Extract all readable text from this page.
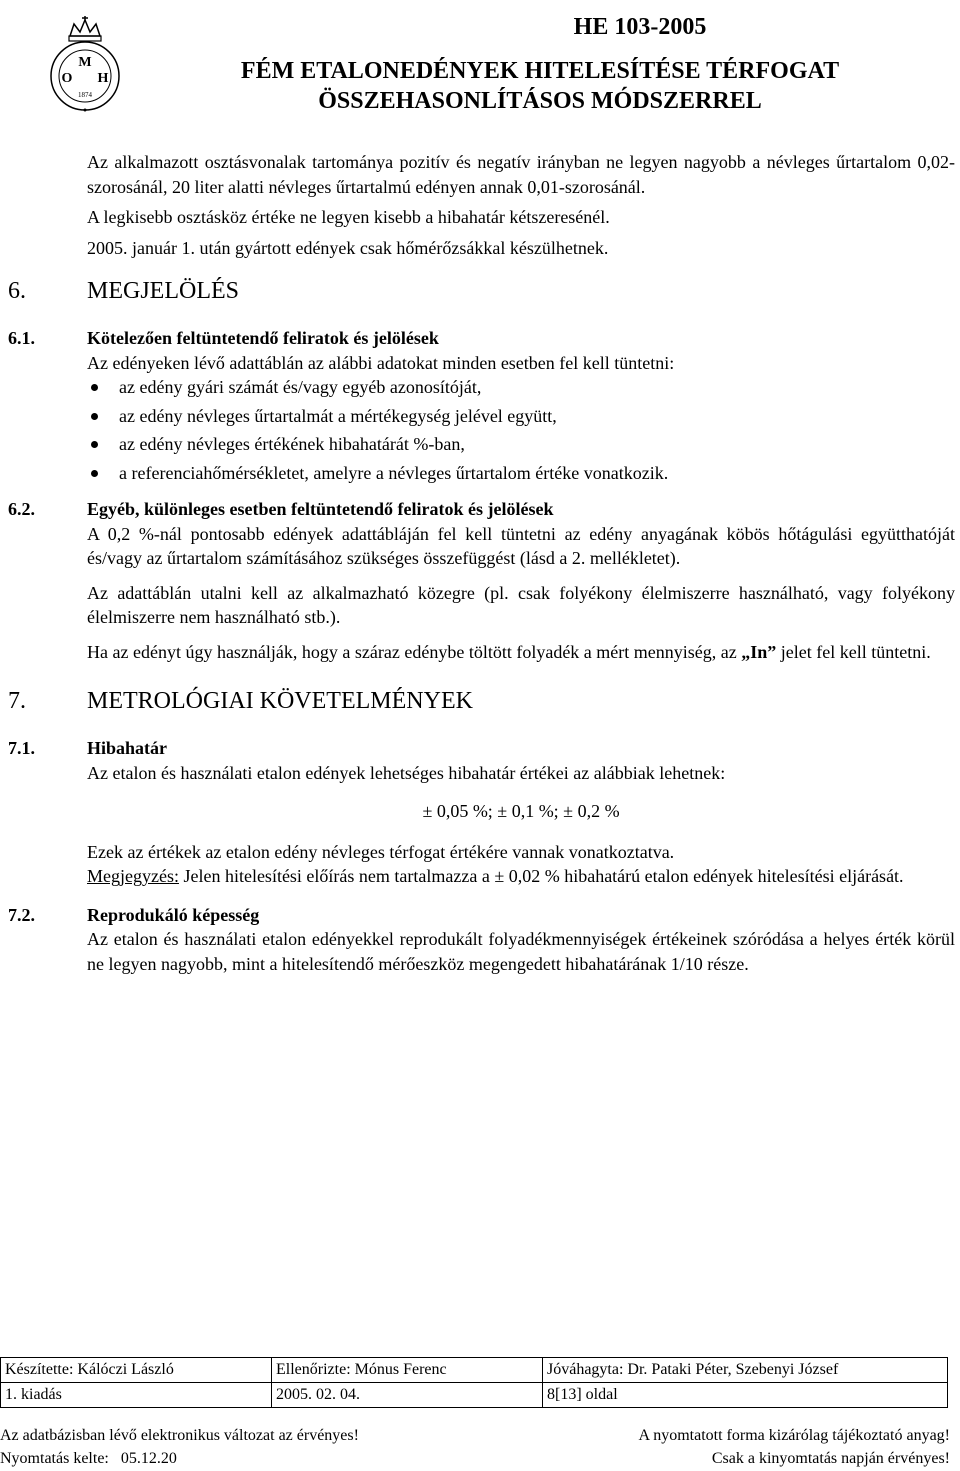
M
O H
1874
HE 103-2005
FÉM ETALONEDÉNYEK HITELESÍTÉSE TÉRFOGAT
ÖSSZEHASONLÍTÁSOS MÓDSZERREL

Az alkalmazott osztásvonalak tartománya pozitív és negatív irányban ne legyen nagyobb a névleges űrtartalom 0,02-szorosánál, 20 liter alatti névleges űrtartalmú edényen annak 0,01-szorosánál.

A legkisebb osztásköz értéke ne legyen kisebb a hibahatár kétszeresénél.

2005. január 1. után gyártott edények csak hőmérőzsákkal készülhetnek.

6.	MEGJELÖLÉS
6.1.	Kötelezően feltüntetendő feliratok és jelölések

Az edényeken lévő adattáblán az alábbi adatokat minden esetben fel kell tüntetni:

az edény gyári számát és/vagy egyéb azonosítóját,
az edény névleges űrtartalmát a mértékegység jelével együtt,
az edény névleges értékének hibahatárát %-ban,
a referenciahőmérsékletet, amelyre a névleges űrtartalom értéke vonatkozik.
6.2.	Egyéb, különleges esetben feltüntetendő feliratok és jelölések

A 0,2 %-nál pontosabb edények adattábláján fel kell tüntetni az edény anyagának köbös hőtágulási együtthatóját és/vagy az űrtartalom számításához szükséges összefüggést (lásd a 2. mellékletet).

Az adattáblán utalni kell az alkalmazható közegre (pl. csak folyékony élelmiszerre használható, vagy folyékony élelmiszerre nem használható stb.).

Ha az edényt úgy használják, hogy a száraz edénybe töltött folyadék a mért mennyiség, az „In” jelet fel kell tüntetni.

7.	METROLÓGIAI KÖVETELMÉNYEK
7.1.	Hibahatár

Az etalon és használati etalon edények lehetséges hibahatár értékei az alábbiak lehetnek:

± 0,05 %; ± 0,1 %; ± 0,2 %

Ezek az értékek az etalon edény névleges térfogat értékére vannak vonatkoztatva.

Megjegyzés: Jelen hitelesítési előírás nem tartalmazza a ± 0,02 % hibahatárú etalon edények hitelesítési eljárását.

7.2.	Reprodukáló képesség

Az etalon és használati etalon edényekkel reprodukált folyadékmennyiségek értékeinek szóródása a helyes érték körül ne legyen nagyobb, mint a hitelesítendő mérőeszköz megengedett hibahatárának 1/10 része.

Készítette: Kálóczi László	Ellenőrizte: Mónus Ferenc	Jóváhagyta: Dr. Pataki Péter, Szebenyi József
1. kiadás	2005. 02. 04.	8[13] oldal
Az adatbázisban lévő elektronikus változat az érvényes!	A nyomtatott forma kizárólag tájékoztató anyag!
Nyomtatás kelte:   05.12.20	Csak a kinyomtatás napján érvényes!
